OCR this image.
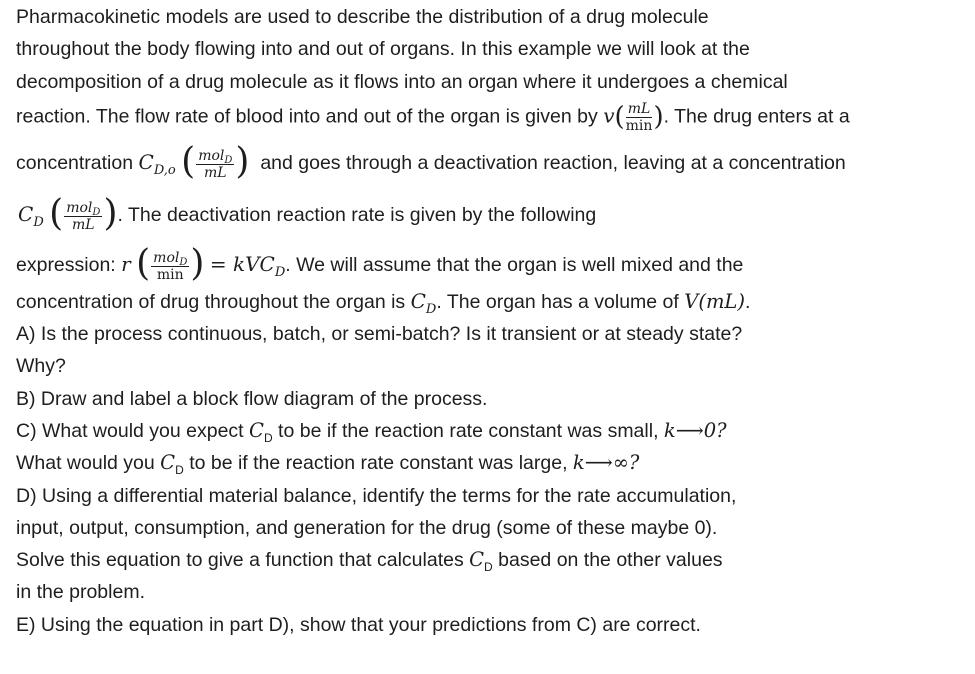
Pharmacokinetic models are used to describe the distribution of a drug molecule
throughout the body flowing into and out of organs. In this example we will look at the
decomposition of a drug molecule as it flows into an organ where it undergoes a chemical
reaction. The flow rate of blood into and out of the organ is given by $v( \frac{mL}{\min}$ ). The drug enters at a
concentration $C_{D,o}$ ( $\frac{mol_D}{mL}$ ) and goes through a deactivation reaction, leaving at a concentration
$C_D$ ( $\frac{mol_D}{mL}$ ). The deactivation reaction rate is given by the following
expression: r ( $\frac{mol_D}{\min}$ ) = kVC$_D$. We will assume that the organ is well mixed and the
concentration of drug throughout the organ is $C_D$. The organ has a volume of V(mL).
A) Is the process continuous, batch, or semi-batch? Is it transient or at steady state?
Why?
B) Draw and label a block flow diagram of the process.
C) What would you expect $C_D$ to be if the reaction rate constant was small, k⟶0?
What would you $C_D$ to be if the reaction rate constant was large, k⟶∞?
D) Using a differential material balance, identify the terms for the rate accumulation,
input, output, consumption, and generation for the drug (some of these maybe 0).
Solve this equation to give a function that calculates $C_D$ based on the other values
in the problem.
E) Using the equation in part D), show that your predictions from C) are correct.
